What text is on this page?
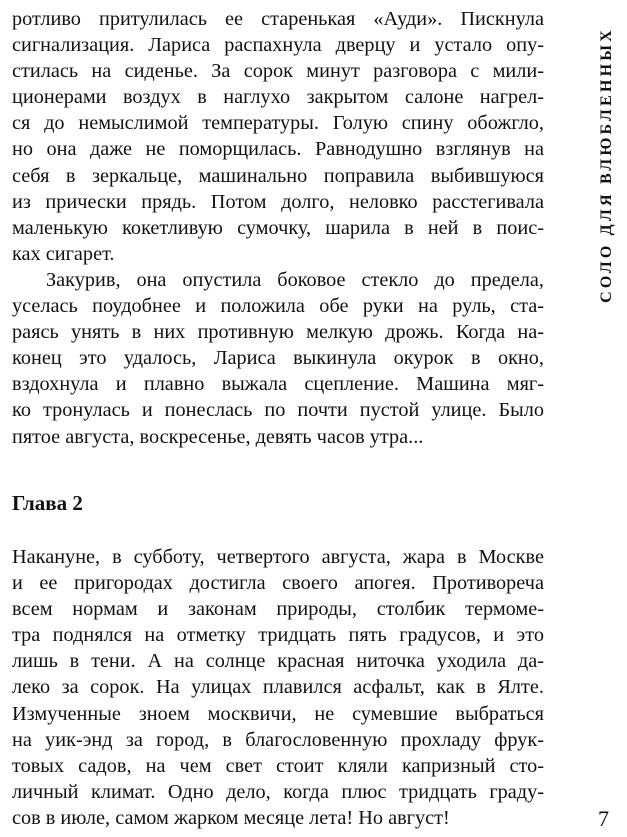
ротливо притулилась ее старенькая «Ауди». Пискнула
сигнализация. Лариса распахнула дверцу и устало опу-
стилась на сиденье. За сорок минут разговора с мили-
ционерами воздух в наглухо закрытом салоне нагрел-
ся до немыслимой температуры. Голую спину обожгло,
но она даже не поморщилась. Равнодушно взглянув на
себя в зеркальце, машинально поправила выбившуюся
из прически прядь. Потом долго, неловко расстегивала
маленькую кокетливую сумочку, шарила в ней в поис-
ках сигарет.

Закурив, она опустила боковое стекло до предела,
уселась поудобнее и положила обе руки на руль, ста-
раясь унять в них противную мелкую дрожь. Когда на-
конец это удалось, Лариса выкинула окурок в окно,
вздохнула и плавно выжала сцепление. Машина мяг-
ко тронулась и понеслась по почти пустой улице. Было
пятое августа, воскресенье, девять часов утра...

Глава 2

Накануне, в субботу, четвертого августа, жара в Москве
и ее пригородах достигла своего апогея. Противореча
всем нормам и законам природы, столбик термоме-
тра поднялся на отметку тридцать пять градусов, и это
лишь в тени. А на солнце красная ниточка уходила да-
леко за сорок. На улицах плавился асфальт, как в Ялте.
Измученные зноем москвичи, не сумевшие выбраться
на уик-энд за город, в благословенную прохладу фрук-
товых садов, на чем свет стоит кляли капризный сто-
личный климат. Одно дело, когда плюс тридцать граду-
сов в июле, самом жарком месяце лета! Но август!

СОЛО ДЛЯ ВЛЮБЛЕННЫХ
7
